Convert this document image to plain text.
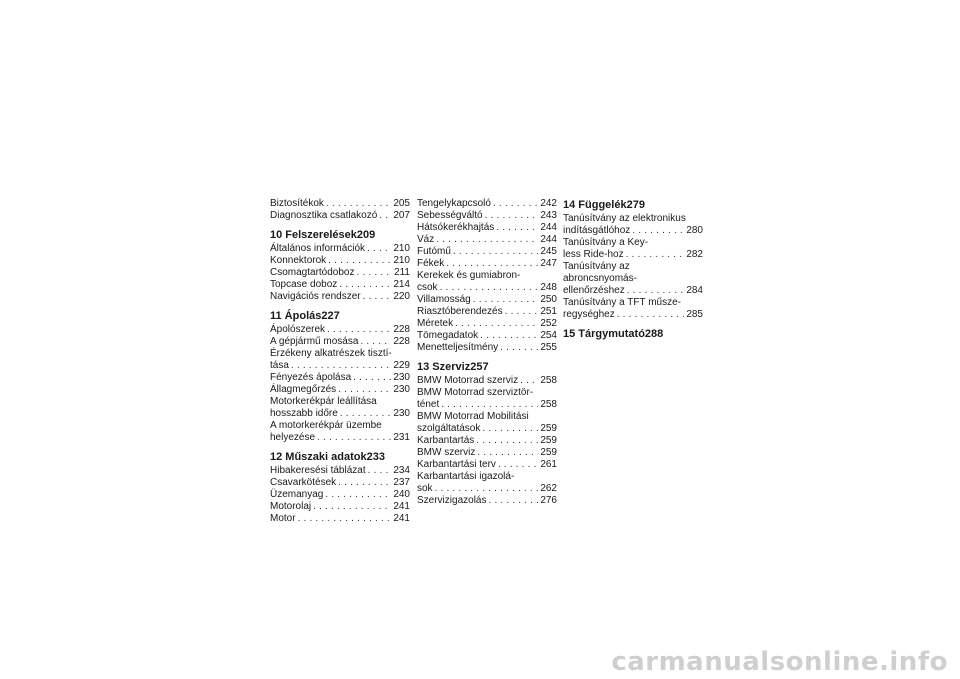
Biztosítékok . . .	205
Diagnosztika csatlakozó . . . 207
10 Felszerelések 209
Általános információk . . .	210
Konnektorok . . .	210
Csomagtartódoboz . . .	211
Topcase doboz . . .	214
Navigációs rendszer . . .	220
11 Ápolás 227
Ápolószerek . . .	228
A gépjármű mosása . . .	228
Érzékeny alkatrészek tisztí-
tása . . .	229
Fényezés ápolása . . .	230
Állagmegőrzés . . .	230
Motorkerékpár leállítása
hosszabb időre . . .	230
A motorkerékpár üzembe
helyezése . . .	231
12 Műszaki adatok 233
Hibakeresési táblázat . . .	234
Csavarkötések . . .	237
Üzemanyag . . .	240
Motorolaj . . .	241
Motor . . .	241
Tengelykapcsoló . . .	242
Sebességváltó . . .	243
Hátsókerékhajtás . . .	244
Váz . . .	244
Futómű . . .	245
Fékek . . .	247
Kerekek és gumiabron-
csok . . .	248
Villamosság . . .	250
Riasztóberendezés . . .	251
Méretek . . .	252
Tömegadatok . . .	254
Menetteljesítmény . . .	255
13 Szerviz 257
BMW Motorrad szerviz . . . 258
BMW Motorrad szerviztör-
ténet . . .	258
BMW Motorrad Mobilitási
szolgáltatások . . .	259
Karbantartás . . .	259
BMW szerviz . . .	259
Karbantartási terv . . .	261
Karbantartási igazolá-
sok . . .	262
Szervizigazolás . . .	276
14 Függelék 279
Tanúsítvány az elektronikus
indításgátlóhoz . . .	280
Tanúsítvány a Key-
less Ride-hoz . . .	282
Tanúsítvány az
abroncsnyomás-
ellenőrzéshez . . .	284
Tanúsítvány a TFT műsze-
regységhez . . .	285
15 Tárgymutató 288
carmanualsonline.info
